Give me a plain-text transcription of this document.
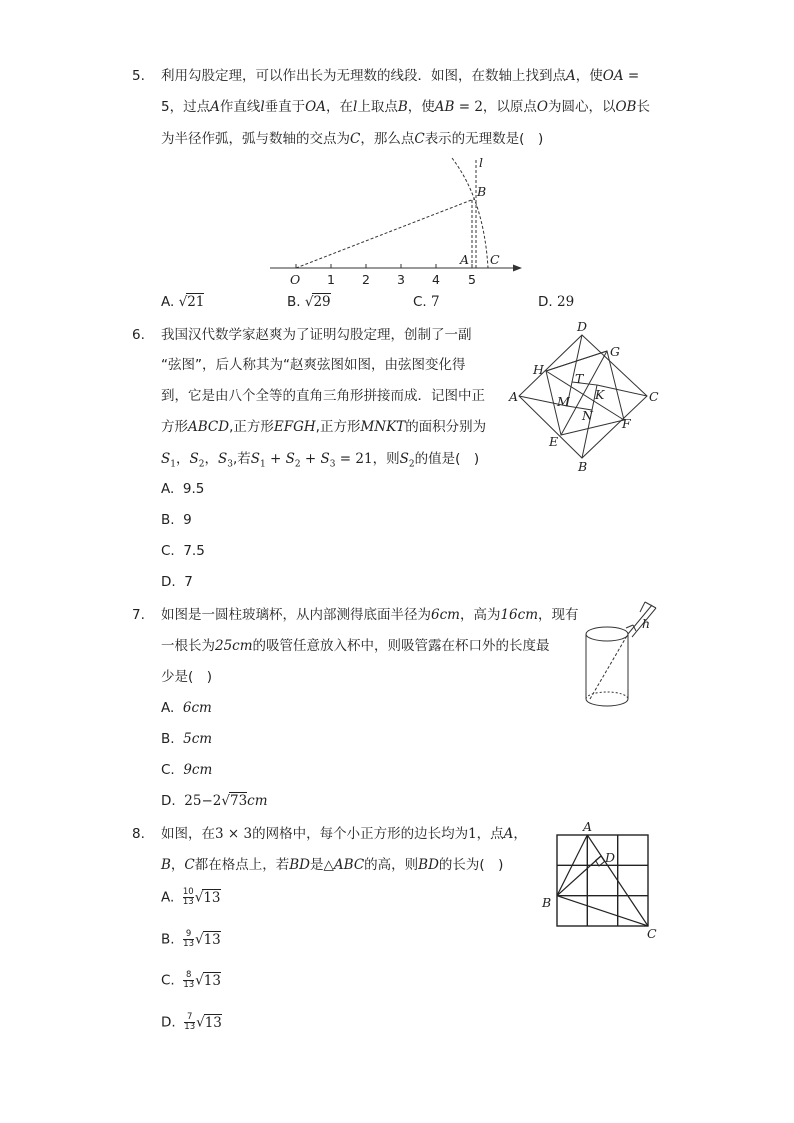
5. 利用勾股定理，可以作出长为无理数的线段．如图，在数轴上找到点A，使OA =
5，过点A作直线l垂直于OA，在l上取点B，使AB = 2，以原点O为圆心，以OB长
为半径作弧，弧与数轴的交点为C，那么点C表示的无理数是(　)
l
B
O
A C
1 2 3 4 5
A. √21	B. √29	C. 7	D. 29
6. 我国汉代数学家赵爽为了证明勾股定理，创制了一副
“弦图”，后人称其为“赵爽弦图如图，由弦图变化得
到，它是由八个全等的直角三角形拼接而成．记图中正
方形ABCD,正方形EFGH,正方形MNKT的面积分别为
$S_1$，$S_2$，$S_3$,若$S_1 + S_2 + S_3 = 21$，则$S_2$的值是(　)
D
G
H
T
A	C
K
M
N
F
E
B
A. 9.5
B. 9
C. 7.5
D. 7
7. 如图是一圆柱玻璃杯，从内部测得底面半径为6cm，高为16cm，现有
一根长为25cm的吸管任意放入杯中，则吸管露在杯口外的长度最
少是(　)
h
A. 6cm
B. 5cm
C. 9cm
D. 25−2√73cm
8. 如图，在3 × 3的网格中，每个小正方形的边长均为1，点A，
B，C都在格点上，若BD是△ABC的高，则BD的长为(　)
A
D
B
C
A. $\frac{10}{13} √13$
B. $\frac{9}{13} √13$
C. $\frac{8}{13} √13$
D. $\frac{7}{13} √13$
